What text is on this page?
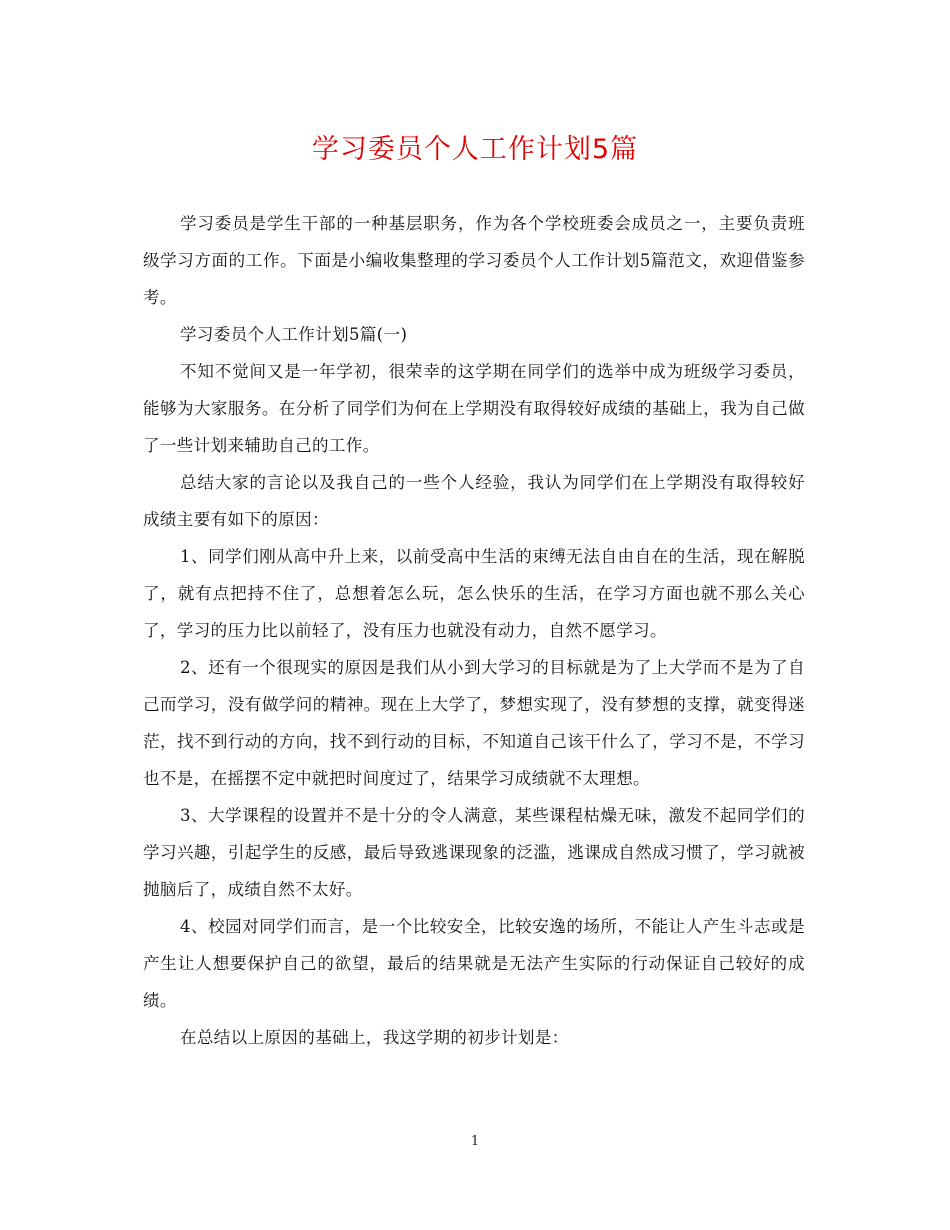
学习委员个人工作计划5篇

学习委员是学生干部的一种基层职务，作为各个学校班委会成员之一，主要负责班级学习方面的工作。下面是小编收集整理的学习委员个人工作计划5篇范文，欢迎借鉴参考。

学习委员个人工作计划5篇(一)

不知不觉间又是一年学初，很荣幸的这学期在同学们的选举中成为班级学习委员，能够为大家服务。在分析了同学们为何在上学期没有取得较好成绩的基础上，我为自己做了一些计划来辅助自己的工作。

总结大家的言论以及我自己的一些个人经验，我认为同学们在上学期没有取得较好成绩主要有如下的原因：

1、同学们刚从高中升上来，以前受高中生活的束缚无法自由自在的生活，现在解脱了，就有点把持不住了，总想着怎么玩，怎么快乐的生活，在学习方面也就不那么关心了，学习的压力比以前轻了，没有压力也就没有动力，自然不愿学习。

2、还有一个很现实的原因是我们从小到大学习的目标就是为了上大学而不是为了自己而学习，没有做学问的精神。现在上大学了，梦想实现了，没有梦想的支撑，就变得迷茫，找不到行动的方向，找不到行动的目标，不知道自己该干什么了，学习不是，不学习也不是，在摇摆不定中就把时间度过了，结果学习成绩就不太理想。

3、大学课程的设置并不是十分的令人满意，某些课程枯燥无味，激发不起同学们的学习兴趣，引起学生的反感，最后导致逃课现象的泛滥，逃课成自然成习惯了，学习就被抛脑后了，成绩自然不太好。

4、校园对同学们而言，是一个比较安全，比较安逸的场所，不能让人产生斗志或是产生让人想要保护自己的欲望，最后的结果就是无法产生实际的行动保证自己较好的成绩。

在总结以上原因的基础上，我这学期的初步计划是：

1
